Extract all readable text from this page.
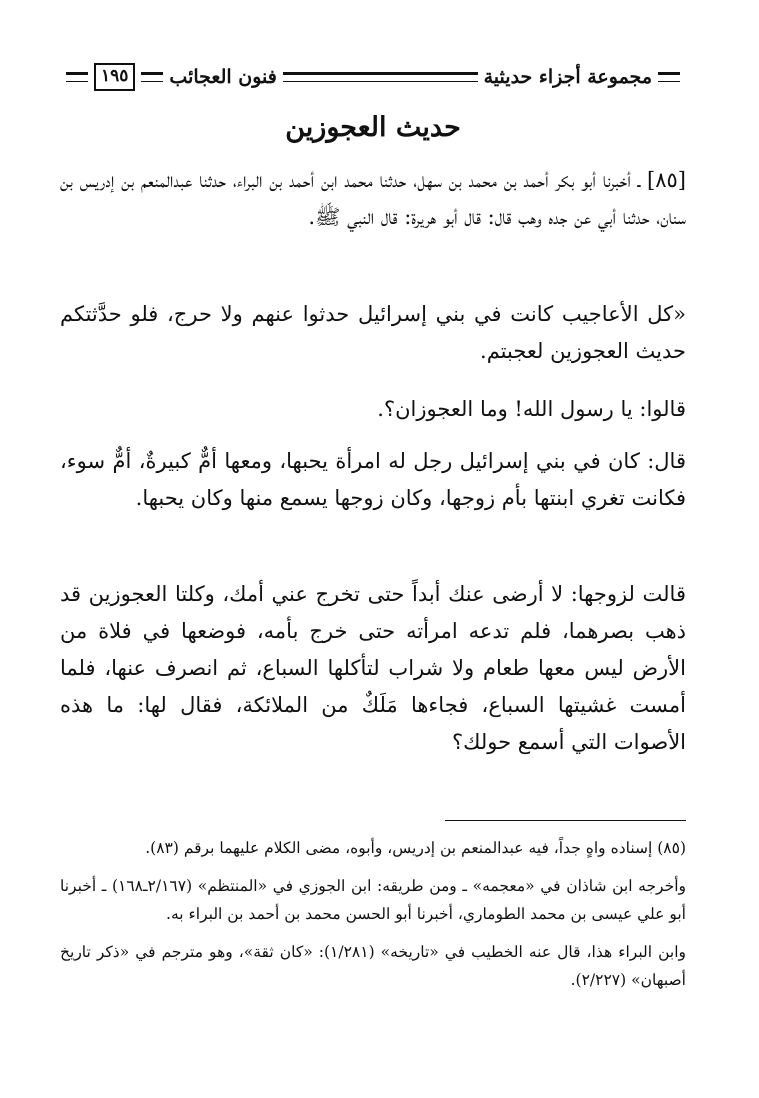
مجموعة أجزاء حديثية
فنون العجائب
١٩٥
حديث العجوزين

[٨٥] ـ أخبرنا أبو بكر أحمد بن محمد بن سهل، حدثنا محمد ابن أحمد بن البراء، حدثنا عبدالمنعم بن إدريس بن سنان، حدثنا أبي عن جده وهب قال: قال أبو هريرة: قال النبي ﷺ.

«كل الأعاجيب كانت في بني إسرائيل حدثوا عنهم ولا حرج، فلو حدَّثتكم حديث العجوزين لعجبتم.

قالوا: يا رسول الله! وما العجوزان؟.

قال: كان في بني إسرائيل رجل له امرأة يحبها، ومعها أمٌّ كبيرةٌ، أمٌّ سوء، فكانت تغري ابنتها بأم زوجها، وكان زوجها يسمع منها وكان يحبها.

قالت لزوجها: لا أرضى عنك أبداً حتى تخرج عني أمك، وكلتا العجوزين قد ذهب بصرهما، فلم تدعه امرأته حتى خرج بأمه، فوضعها في فلاة من الأرض ليس معها طعام ولا شراب لتأكلها السباع، ثم انصرف عنها، فلما أمست غشيتها السباع، فجاءها مَلَكٌ من الملائكة، فقال لها: ما هذه الأصوات التي أسمع حولك؟

(٨٥) إسناده واهٍ جداً، فيه عبدالمنعم بن إدريس، وأبوه، مضى الكلام عليهما برقم (٨٣).

وأخرجه ابن شاذان في «معجمه» ـ ومن طريقه: ابن الجوزي في «المنتظم» (٢/١٦٧ـ١٦٨) ـ أخبرنا أبو علي عيسى بن محمد الطوماري، أخبرنا أبو الحسن محمد بن أحمد بن البراء به.

وابن البراء هذا، قال عنه الخطيب في «تاريخه» (١/٢٨١): «كان ثقة»، وهو مترجم في «ذكر تاريخ أصبهان» (٢/٢٢٧).
